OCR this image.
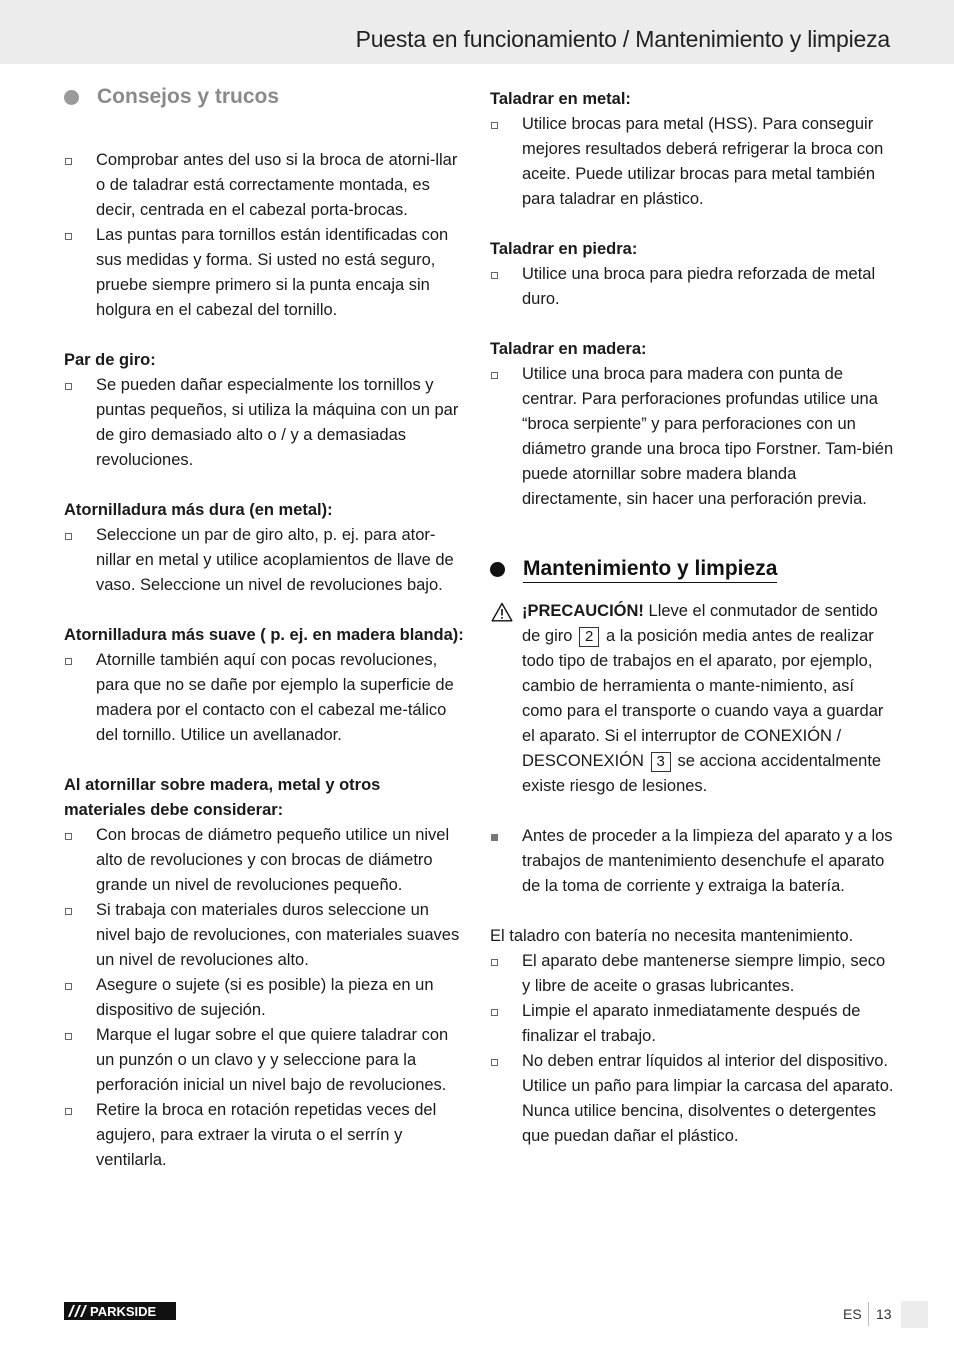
Puesta en funcionamiento / Mantenimiento y limpieza
Consejos y trucos
Comprobar antes del uso si la broca de atorni-llar o de taladrar está correctamente montada, es decir, centrada en el cabezal porta-brocas.
Las puntas para tornillos están identificadas con sus medidas y forma. Si usted no está seguro, pruebe siempre primero si la punta encaja sin holgura en el cabezal del tornillo.

Par de giro:

Se pueden dañar especialmente los tornillos y puntas pequeños, si utiliza la máquina con un par de giro demasiado alto o / y a demasiadas revoluciones.

Atornilladura más dura (en metal):

Seleccione un par de giro alto, p. ej. para ator-nillar en metal y utilice acoplamientos de llave de vaso. Seleccione un nivel de revoluciones bajo.

Atornilladura más suave ( p. ej. en madera blanda):

Atornille también aquí con pocas revoluciones, para que no se dañe por ejemplo la superficie de madera por el contacto con el cabezal me-tálico del tornillo. Utilice un avellanador.

Al atornillar sobre madera, metal y otros materiales debe considerar:

Con brocas de diámetro pequeño utilice un nivel alto de revoluciones y con brocas de diámetro grande un nivel de revoluciones pequeño.
Si trabaja con materiales duros seleccione un nivel bajo de revoluciones, con materiales suaves un nivel de revoluciones alto.
Asegure o sujete (si es posible) la pieza en un dispositivo de sujeción.
Marque el lugar sobre el que quiere taladrar con un punzón o un clavo y y seleccione para la perforación inicial un nivel bajo de revoluciones.
Retire la broca en rotación repetidas veces del agujero, para extraer la viruta o el serrín y ventilarla.

Taladrar en metal:

Utilice brocas para metal (HSS). Para conseguir mejores resultados deberá refrigerar la broca con aceite. Puede utilizar brocas para metal también para taladrar en plástico.

Taladrar en piedra:

Utilice una broca para piedra reforzada de metal duro.

Taladrar en madera:

Utilice una broca para madera con punta de centrar. Para perforaciones profundas utilice una “broca serpiente” y para perforaciones con un diámetro grande una broca tipo Forstner. Tam-bién puede atornillar sobre madera blanda directamente, sin hacer una perforación previa.
Mantenimiento y limpieza
¡PRECAUCIÓN! Lleve el conmutador de sentido de giro 2 a la posición media antes de realizar todo tipo de trabajos en el aparato, por ejemplo, cambio de herramienta o mante-nimiento, así como para el transporte o cuando vaya a guardar el aparato. Si el interruptor de CONEXIÓN / DESCONEXIÓN 3 se acciona accidentalmente existe riesgo de lesiones.
Antes de proceder a la limpieza del aparato y a los trabajos de mantenimiento desenchufe el aparato de la toma de corriente y extraiga la batería.

El taladro con batería no necesita mantenimiento.

El aparato debe mantenerse siempre limpio, seco y libre de aceite o grasas lubricantes.
Limpie el aparato inmediatamente después de finalizar el trabajo.
No deben entrar líquidos al interior del dispositivo. Utilice un paño para limpiar la carcasa del aparato. Nunca utilice bencina, disolventes o detergentes que puedan dañar el plástico.
PARKSIDE	ES 13
